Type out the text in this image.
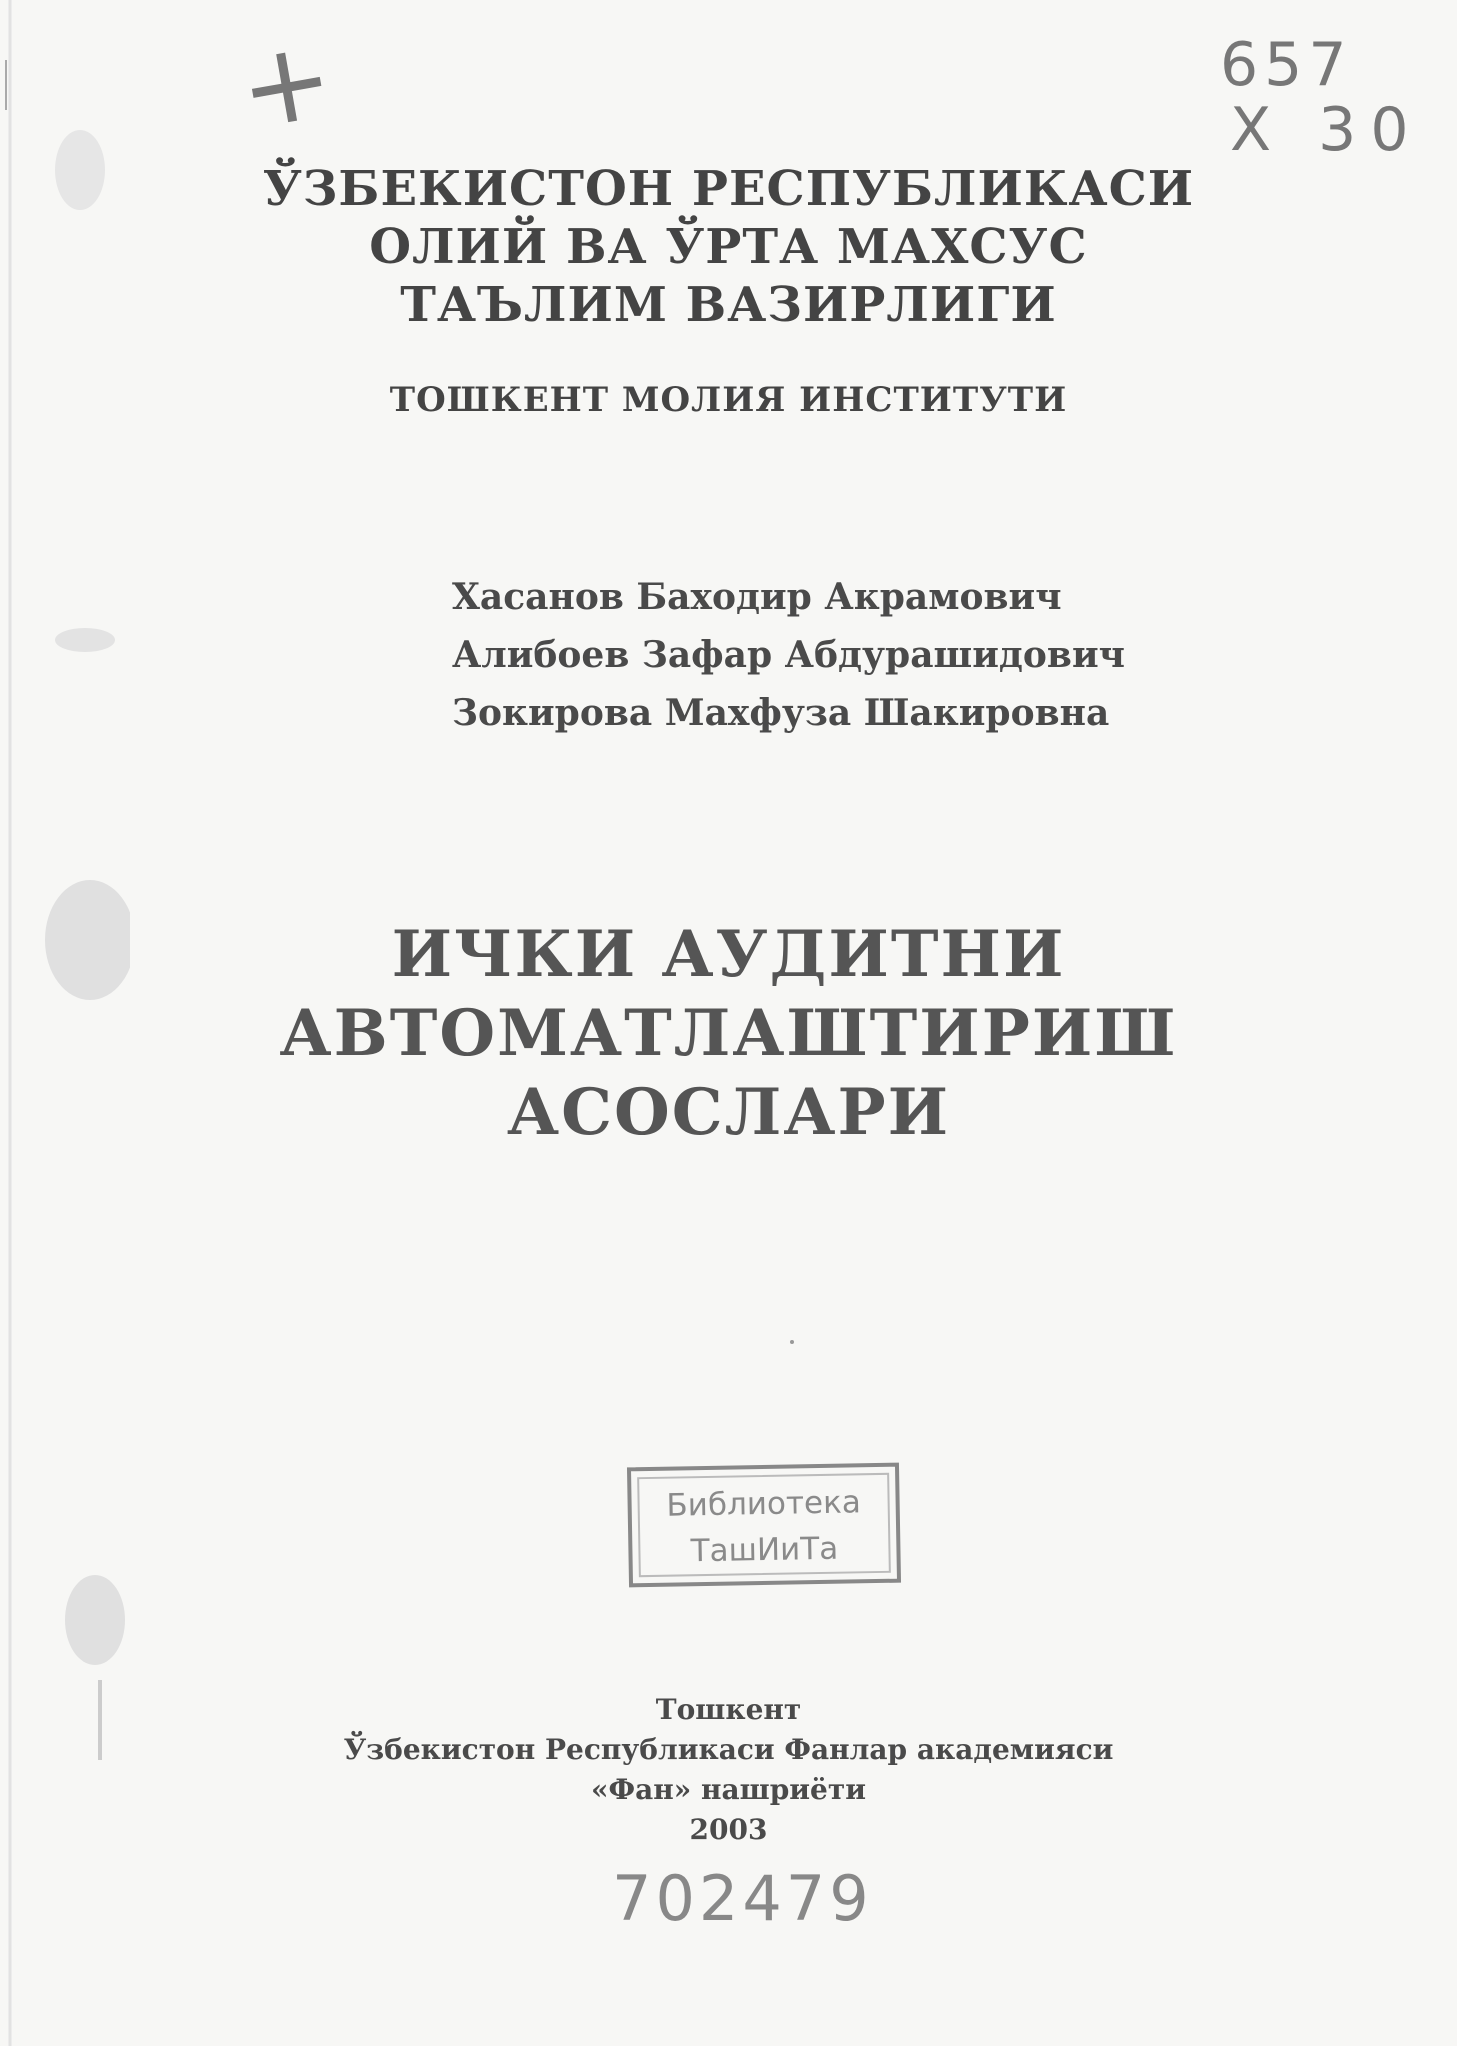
+	657
X 30
ЎЗБЕКИСТОН РЕСПУБЛИКАСИ
ОЛИЙ ВА ЎРТА МАХСУС
ТАЪЛИМ ВАЗИРЛИГИ
ТОШКЕНТ МОЛИЯ ИНСТИТУТИ
Хасанов Баходир Акрамович
Алибоев Зафар Абдурашидович
Зокирова Махфуза Шакировна
ИЧКИ АУДИТНИ
АВТОМАТЛАШТИРИШ
АСОСЛАРИ
Библиотека
ТашИиТа
Тошкент
Ўзбекистон Республикаси Фанлар академияси
«Фан» нашриёти
2003
702479
